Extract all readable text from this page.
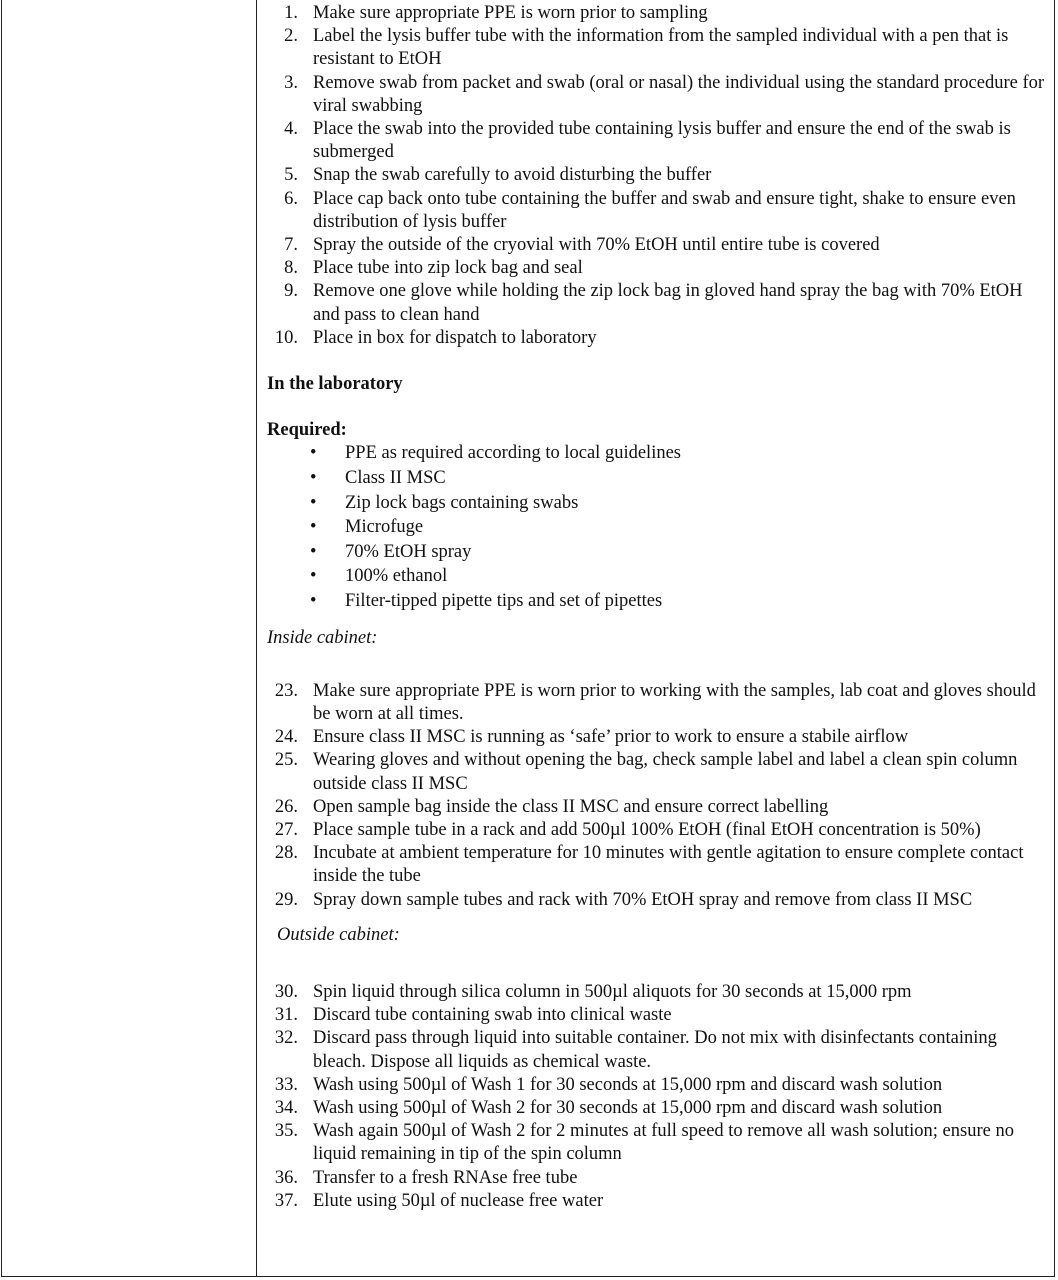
1. Make sure appropriate PPE is worn prior to sampling
2. Label the lysis buffer tube with the information from the sampled individual with a pen that is resistant to EtOH
3. Remove swab from packet and swab (oral or nasal) the individual using the standard procedure for viral swabbing
4. Place the swab into the provided tube containing lysis buffer and ensure the end of the swab is submerged
5. Snap the swab carefully to avoid disturbing the buffer
6. Place cap back onto tube containing the buffer and swab and ensure tight, shake to ensure even distribution of lysis buffer
7. Spray the outside of the cryovial with 70% EtOH until entire tube is covered
8. Place tube into zip lock bag and seal
9. Remove one glove while holding the zip lock bag in gloved hand spray the bag with 70% EtOH and pass to clean hand
10. Place in box for dispatch to laboratory
In the laboratory
Required:
• PPE as required according to local guidelines
• Class II MSC
• Zip lock bags containing swabs
• Microfuge
• 70% EtOH spray
• 100% ethanol
• Filter-tipped pipette tips and set of pipettes
Inside cabinet:
23. Make sure appropriate PPE is worn prior to working with the samples, lab coat and gloves should be worn at all times.
24. Ensure class II MSC is running as ‘safe’ prior to work to ensure a stabile airflow
25. Wearing gloves and without opening the bag, check sample label and label a clean spin column outside class II MSC
26. Open sample bag inside the class II MSC and ensure correct labelling
27. Place sample tube in a rack and add 500µl 100% EtOH (final EtOH concentration is 50%)
28. Incubate at ambient temperature for 10 minutes with gentle agitation to ensure complete contact inside the tube
29. Spray down sample tubes and rack with 70% EtOH spray and remove from class II MSC
Outside cabinet:
30. Spin liquid through silica column in 500µl aliquots for 30 seconds at 15,000 rpm
31. Discard tube containing swab into clinical waste
32. Discard pass through liquid into suitable container. Do not mix with disinfectants containing bleach. Dispose all liquids as chemical waste.
33. Wash using 500µl of Wash 1 for 30 seconds at 15,000 rpm and discard wash solution
34. Wash using 500µl of Wash 2 for 30 seconds at 15,000 rpm and discard wash solution
35. Wash again 500µl of Wash 2 for 2 minutes at full speed to remove all wash solution; ensure no liquid remaining in tip of the spin column
36. Transfer to a fresh RNAse free tube
37. Elute using 50µl of nuclease free water
